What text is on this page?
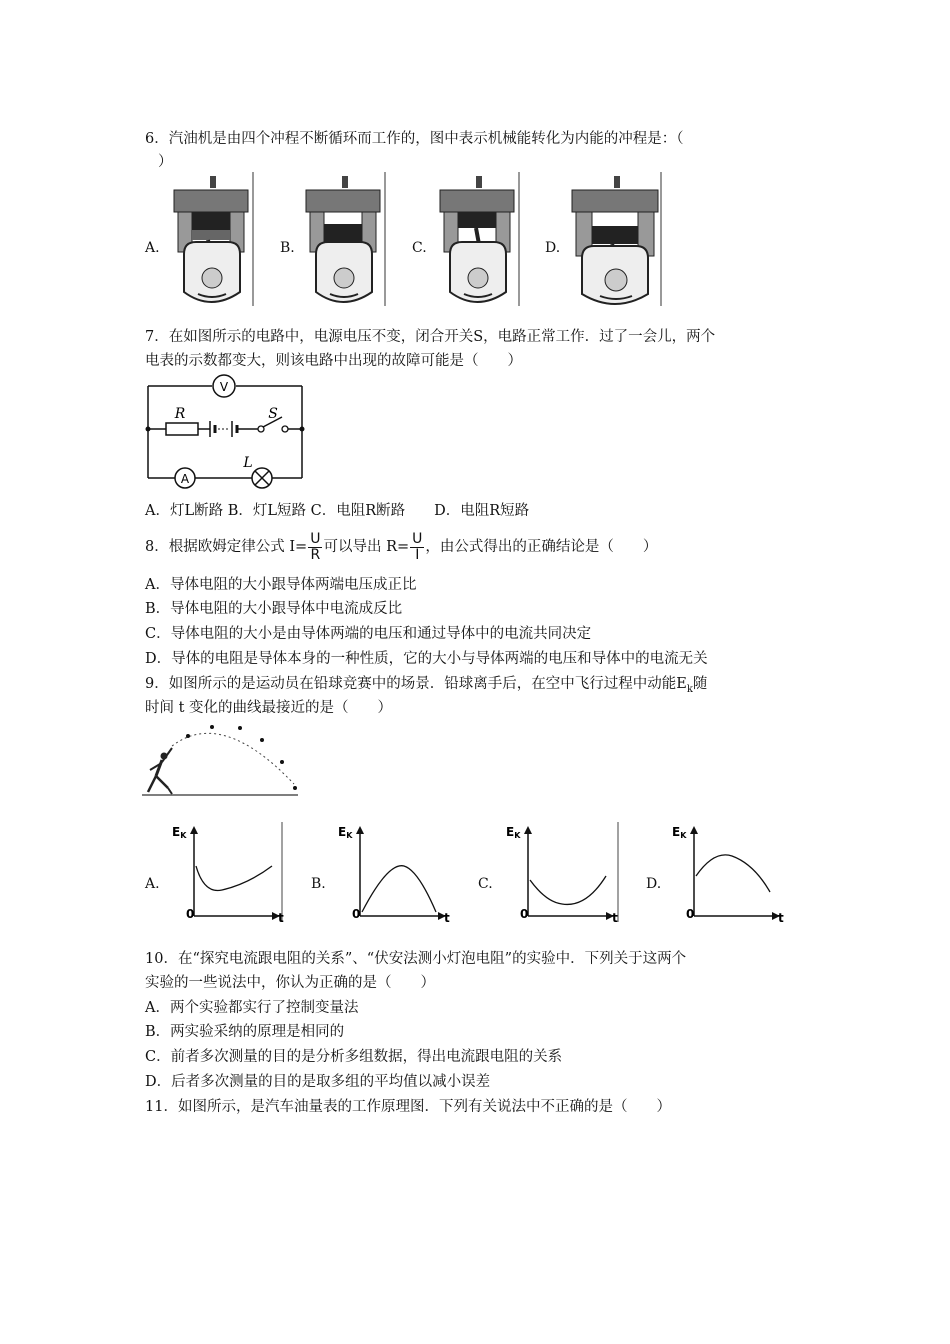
6．汽油机是由四个冲程不断循环而工作的，图中表示机械能转化为内能的冲程是：（
）
A.	B.	C.	D.
7．在如图所示的电路中，电源电压不变，闭合开关S，电路正常工作．过了一会儿，两个
电表的示数都变大，则该电路中出现的故障可能是（　　）
V
R	S
A
L
A．灯L断路 B．灯L短路 C．电阻R断路　　D．电阻R短路
8．根据欧姆定律公式 $I= \frac{U}{R}$ 可以导出 $R= \frac{U}{I}$ ，由公式得出的正确结论是（　　）
A．导体电阻的大小跟导体两端电压成正比
B．导体电阻的大小跟导体中电流成反比
C．导体电阻的大小是由导体两端的电压和通过导体中的电流共同决定
D．导体的电阻是导体本身的一种性质，它的大小与导体两端的电压和导体中的电流无关
9．如图所示的是运动员在铅球竞赛中的场景．铅球离手后，在空中飞行过程中动能$E_k$随
时间 t 变化的曲线最接近的是（　　）
A.	B.	C.	D.
EK
0	t
EK
0	t
EK
0	t
EK
0	t
10．在“探究电流跟电阻的关系”、“伏安法测小灯泡电阻”的实验中．下列关于这两个
实验的一些说法中，你认为正确的是（　　）
A．两个实验都实行了控制变量法
B．两实验采纳的原理是相同的
C．前者多次测量的目的是分析多组数据，得出电流跟电阻的关系
D．后者多次测量的目的是取多组的平均值以减小误差
11．如图所示，是汽车油量表的工作原理图．下列有关说法中不正确的是（　　）
